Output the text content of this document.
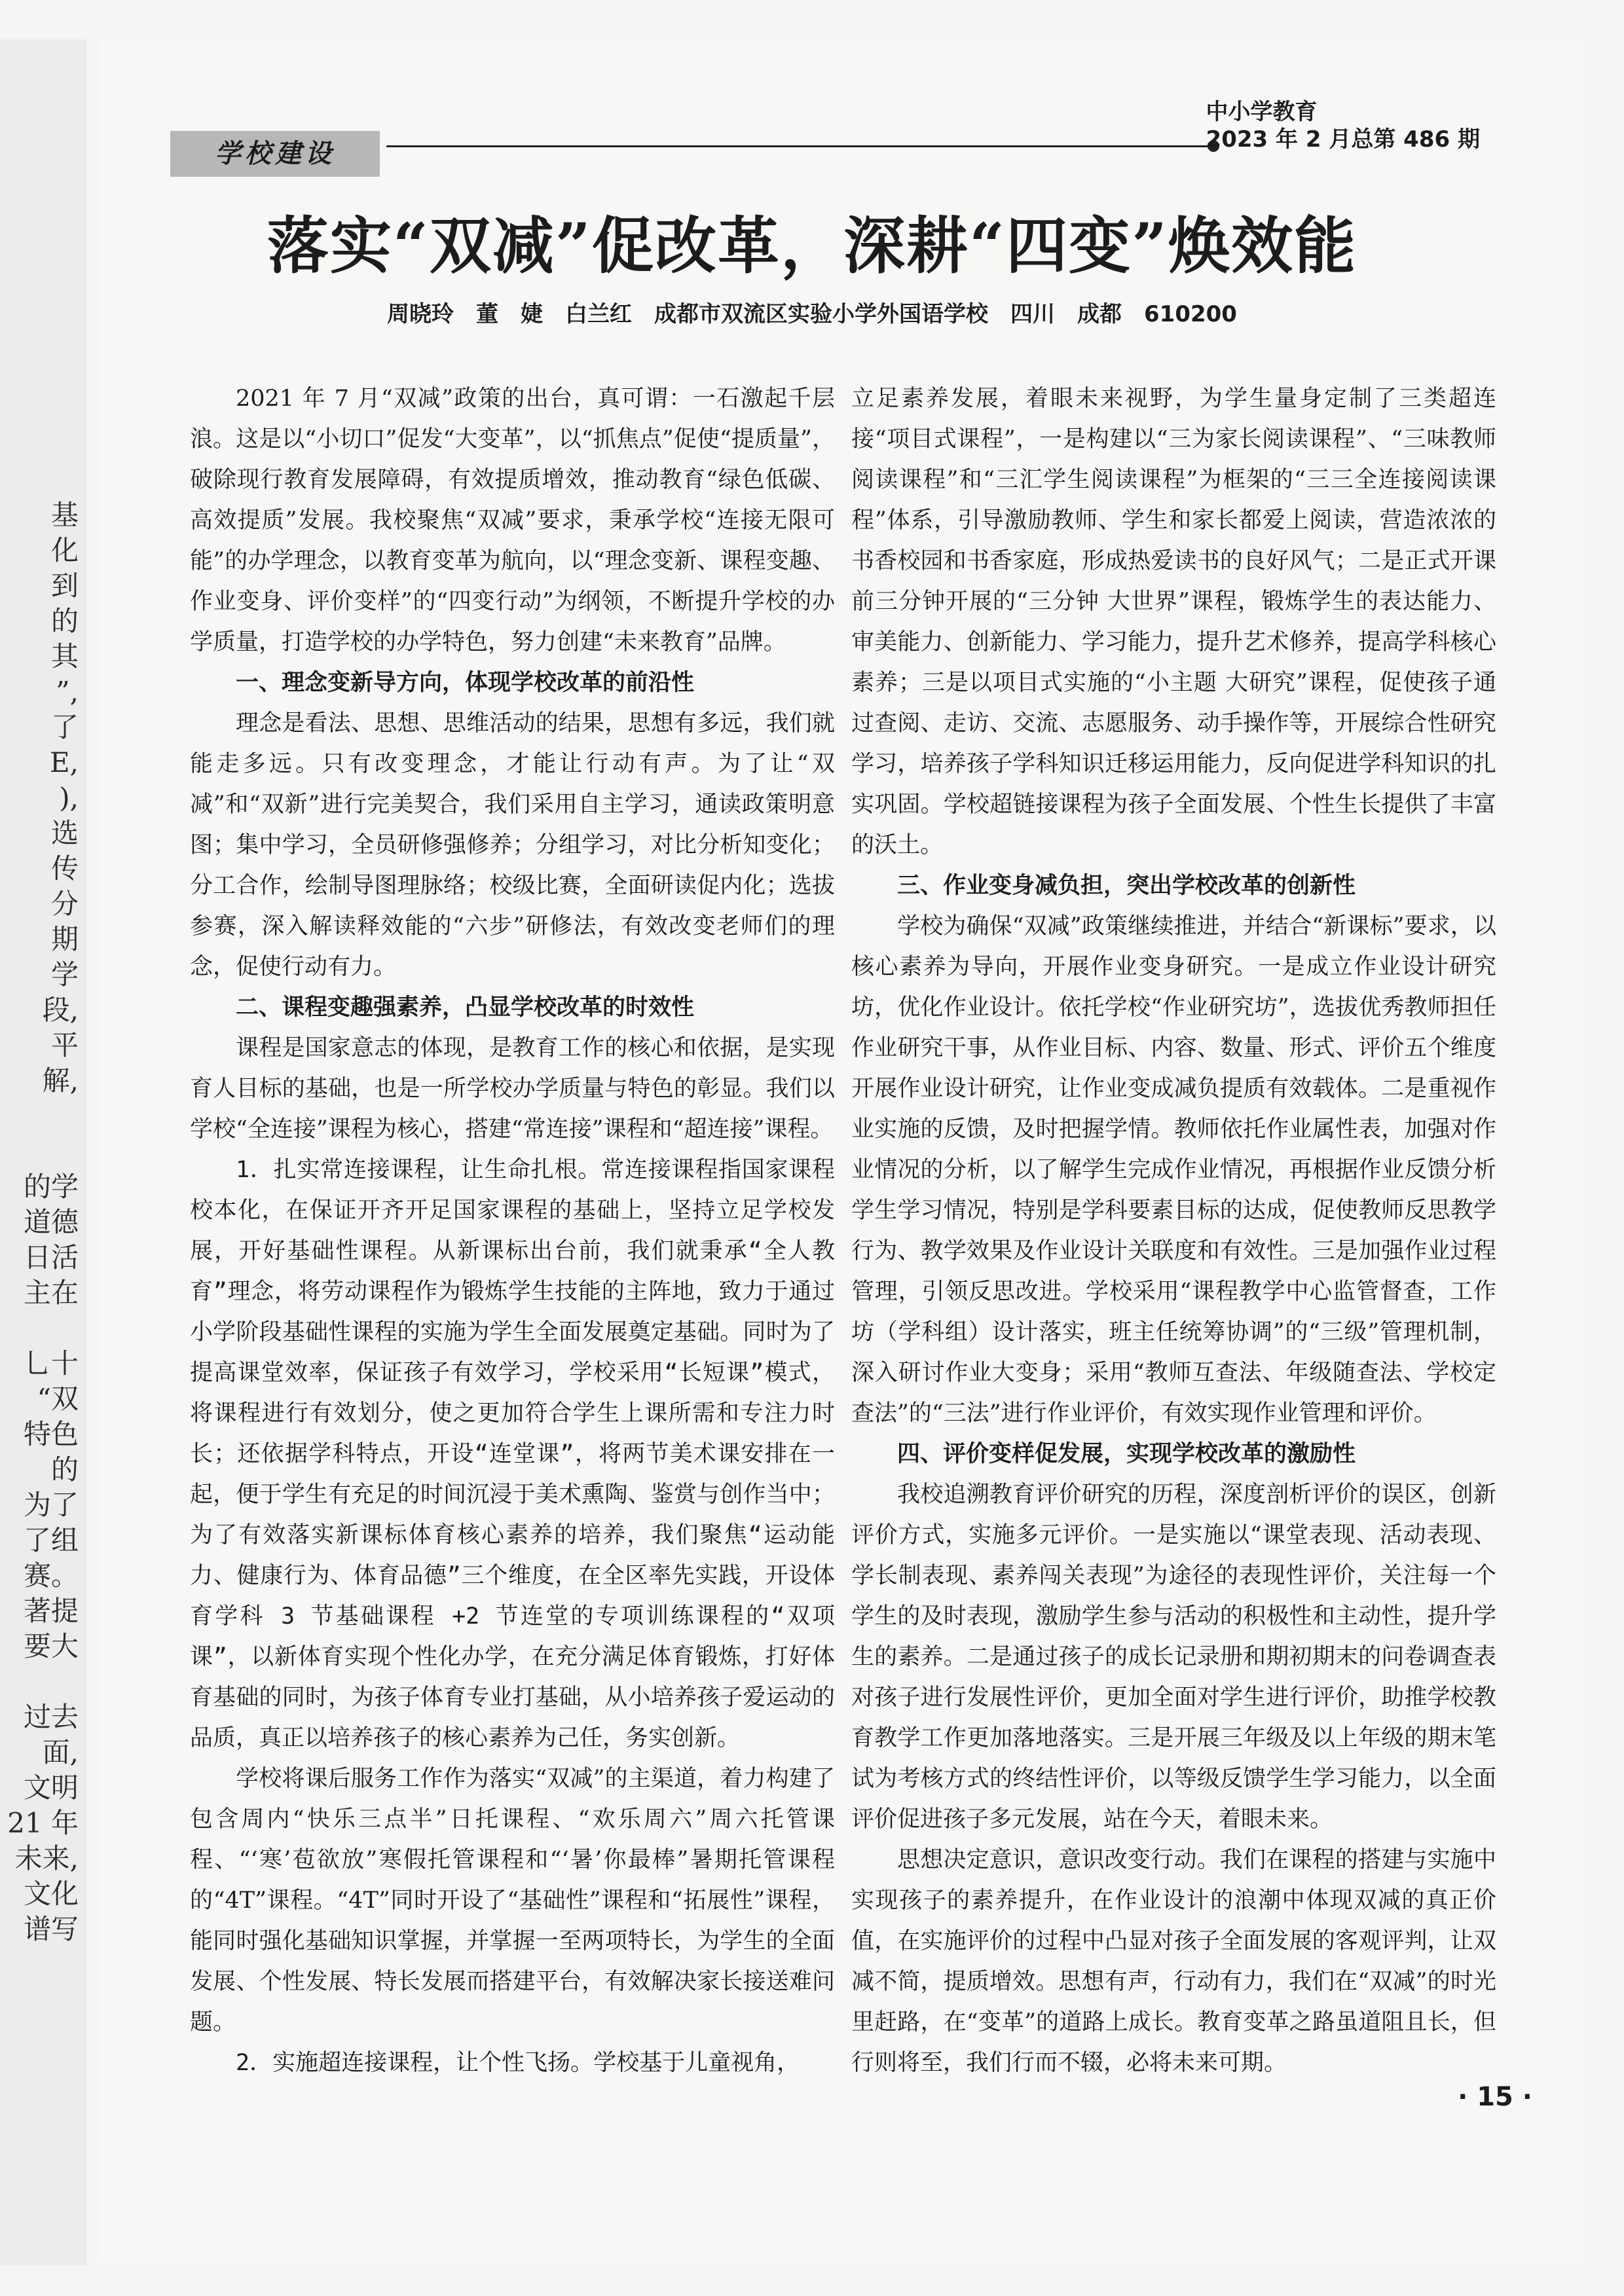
基
化
到
的
其
”,
了
E,
),
选
传
分
期
学
段,
平
解,

的学
道德
日活
主在

乚十
“双
特色
的
为了
了组
赛。
著提
要大

过去
面,
文明
21 年
未来,
文化
谱写
学校建设
中小学教育
2023 年 2 月总第 486 期
落实“双减”促改革，深耕“四变”焕效能
周晓玲　董　婕　白兰红　成都市双流区实验小学外国语学校　四川　成都　610200

2021 年 7 月“双减”政策的出台，真可谓：一石激起千层浪。这是以“小切口”促发“大变革”，以“抓焦点”促使“提质量”，破除现行教育发展障碍，有效提质增效，推动教育“绿色低碳、高效提质”发展。我校聚焦“双减”要求，秉承学校“连接无限可能”的办学理念，以教育变革为航向，以“理念变新、课程变趣、作业变身、评价变样”的“四变行动”为纲领，不断提升学校的办学质量，打造学校的办学特色，努力创建“未来教育”品牌。

一、理念变新导方向，体现学校改革的前沿性

理念是看法、思想、思维活动的结果，思想有多远，我们就能走多远。只有改变理念，才能让行动有声。为了让“双减”和“双新”进行完美契合，我们采用自主学习，通读政策明意图；集中学习，全员研修强修养；分组学习，对比分析知变化；分工合作，绘制导图理脉络；校级比赛，全面研读促内化；选拔参赛，深入解读释效能的“六步”研修法，有效改变老师们的理念，促使行动有力。

二、课程变趣强素养，凸显学校改革的时效性

课程是国家意志的体现，是教育工作的核心和依据，是实现育人目标的基础，也是一所学校办学质量与特色的彰显。我们以学校“全连接”课程为核心，搭建“常连接”课程和“超连接”课程。

1．扎实常连接课程，让生命扎根。常连接课程指国家课程校本化，在保证开齐开足国家课程的基础上，坚持立足学校发展，开好基础性课程。从新课标出台前，我们就秉承“全人教育”理念，将劳动课程作为锻炼学生技能的主阵地，致力于通过小学阶段基础性课程的实施为学生全面发展奠定基础。同时为了提高课堂效率，保证孩子有效学习，学校采用“长短课”模式，将课程进行有效划分，使之更加符合学生上课所需和专注力时长；还依据学科特点，开设“连堂课”，将两节美术课安排在一起，便于学生有充足的时间沉浸于美术熏陶、鉴赏与创作当中；为了有效落实新课标体育核心素养的培养，我们聚焦“运动能力、健康行为、体育品德”三个维度，在全区率先实践，开设体育学科 3 节基础课程 +2 节连堂的专项训练课程的“双项课”，以新体育实现个性化办学，在充分满足体育锻炼，打好体育基础的同时，为孩子体育专业打基础，从小培养孩子爱运动的品质，真正以培养孩子的核心素养为己任，务实创新。

学校将课后服务工作作为落实“双减”的主渠道，着力构建了包含周内“快乐三点半”日托课程、“欢乐周六”周六托管课程、“‘寒’苞欲放”寒假托管课程和“‘暑’你最棒”暑期托管课程的“4T”课程。“4T”同时开设了“基础性”课程和“拓展性”课程，能同时强化基础知识掌握，并掌握一至两项特长，为学生的全面发展、个性发展、特长发展而搭建平台，有效解决家长接送难问题。

2．实施超连接课程，让个性飞扬。学校基于儿童视角，

立足素养发展，着眼未来视野，为学生量身定制了三类超连接“项目式课程”，一是构建以“三为家长阅读课程”、“三味教师阅读课程”和“三汇学生阅读课程”为框架的“三三全连接阅读课程”体系，引导激励教师、学生和家长都爱上阅读，营造浓浓的书香校园和书香家庭，形成热爱读书的良好风气；二是正式开课前三分钟开展的“三分钟 大世界”课程，锻炼学生的表达能力、审美能力、创新能力、学习能力，提升艺术修养，提高学科核心素养；三是以项目式实施的“小主题 大研究”课程，促使孩子通过查阅、走访、交流、志愿服务、动手操作等，开展综合性研究学习，培养孩子学科知识迁移运用能力，反向促进学科知识的扎实巩固。学校超链接课程为孩子全面发展、个性生长提供了丰富的沃土。

三、作业变身减负担，突出学校改革的创新性

学校为确保“双减”政策继续推进，并结合“新课标”要求，以核心素养为导向，开展作业变身研究。一是成立作业设计研究坊，优化作业设计。依托学校“作业研究坊”，选拔优秀教师担任作业研究干事，从作业目标、内容、数量、形式、评价五个维度开展作业设计研究，让作业变成减负提质有效载体。二是重视作业实施的反馈，及时把握学情。教师依托作业属性表，加强对作业情况的分析，以了解学生完成作业情况，再根据作业反馈分析学生学习情况，特别是学科要素目标的达成，促使教师反思教学行为、教学效果及作业设计关联度和有效性。三是加强作业过程管理，引领反思改进。学校采用“课程教学中心监管督查，工作坊（学科组）设计落实，班主任统筹协调”的“三级”管理机制，深入研讨作业大变身；采用“教师互查法、年级随查法、学校定查法”的“三法”进行作业评价，有效实现作业管理和评价。

四、评价变样促发展，实现学校改革的激励性

我校追溯教育评价研究的历程，深度剖析评价的误区，创新评价方式，实施多元评价。一是实施以“课堂表现、活动表现、学长制表现、素养闯关表现”为途径的表现性评价，关注每一个学生的及时表现，激励学生参与活动的积极性和主动性，提升学生的素养。二是通过孩子的成长记录册和期初期末的问卷调查表对孩子进行发展性评价，更加全面对学生进行评价，助推学校教育教学工作更加落地落实。三是开展三年级及以上年级的期末笔试为考核方式的终结性评价，以等级反馈学生学习能力，以全面评价促进孩子多元发展，站在今天，着眼未来。

思想决定意识，意识改变行动。我们在课程的搭建与实施中实现孩子的素养提升，在作业设计的浪潮中体现双减的真正价值，在实施评价的过程中凸显对孩子全面发展的客观评判，让双减不简，提质增效。思想有声，行动有力，我们在“双减”的时光里赶路，在“变革”的道路上成长。教育变革之路虽道阻且长，但行则将至，我们行而不辍，必将未来可期。

· 15 ·
